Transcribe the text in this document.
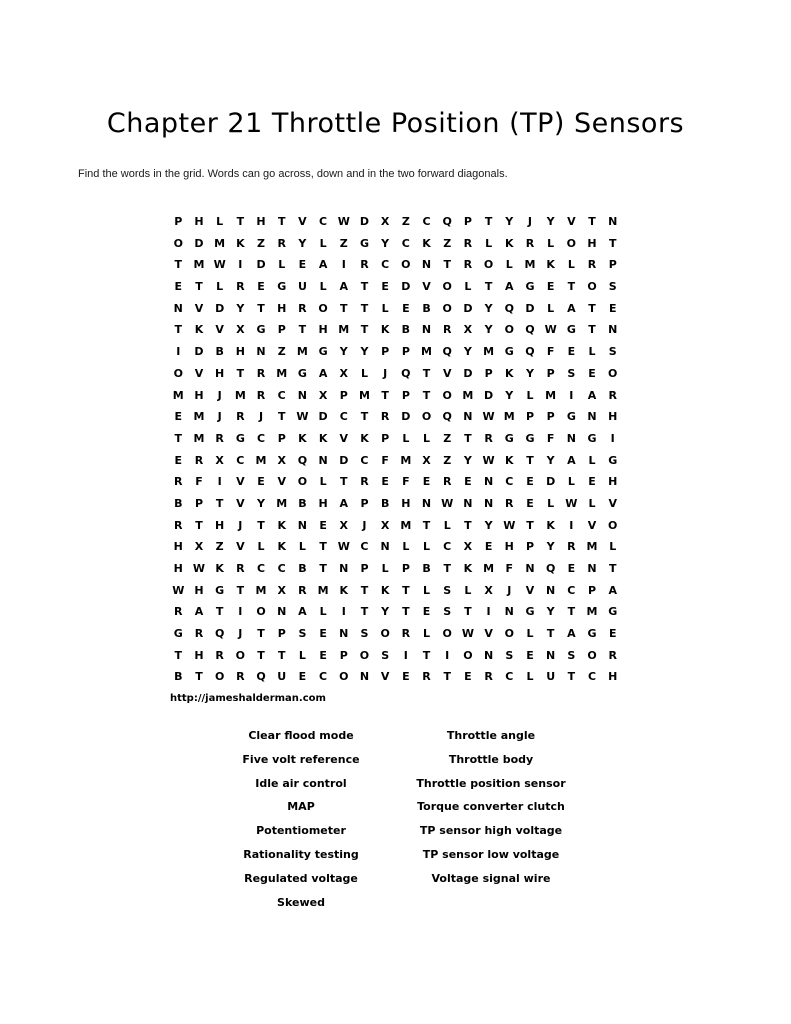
Chapter 21 Throttle Position (TP) Sensors
Find the words in the grid. Words can go across, down and in the two forward diagonals.
P	H	L	T	H	T	V	C W D	X	Z	C	Q	P	T	Y	J	Y	V	T	N
O	D M K	Z	R	Y	L	Z	G	Y	C	K	Z	R	L	K	R	L	O	H	T
T	M W	I	D	L	E	A	I	R	C	O	N	T	R	O	L	M K	L	R	P
E	T	L	R	E	G	U	L	A	T	E	D	V	O	L	T	A	G	E	T	O	S
N	V	D	Y	T	H	R	O	T	T	L	E	B	O	D	Y	Q	D	L	A	T	E
T	K	V	X	G	P	T	H M	T	K	B	N	R	X	Y	O	Q W G	T	N
I	D	B	H	N	Z	M G	Y	Y	P	P	M Q	Y	M G	Q	F	E	L	S
O	V	H	T	R M G	A	X	L	J	Q	T	V	D	P	K	Y	P	S	E	O
M H	J	M R	C	N	X	P	M	T	P	T	O M D	Y	L	M	I	A	R
E	M	J	R	J	T W D	C	T	R	D	O	Q	N W M	P	P	G	N	H
T	M R	G	C	P	K	K	V	K	P	L	L	Z	T	R	G	G	F	N	G	I
E	R	X	C	M X	Q	N	D	C	F	M X	Z	Y W K	T	Y	A	L	G
R	F	I	V	E	V	O	L	T	R	E	F	E	R	E	N	C	E	D	L	E	H
B	P	T	V	Y	M	B	H	A	P	B	H	N W N	N	R	E	L	W	L	V
R	T	H	J	T	K	N	E	X	J	X M	T	L	T	Y W T	K	I	V	O
H	X	Z	V	L	K	L	T W C	N	L	L	C	X	E	H	P	Y	R M	L
H W K	R	C	C	B	T	N	P	L	P	B	T	K M	F	N	Q	E	N	T
W H	G	T	M X	R M K	T	K	T	L	S	L	X	J	V	N	C	P	A
R	A	T	I	O	N	A	L	I	T	Y	T	E	S	T	I	N	G	Y	T	M G
G	R	Q	J	T	P	S	E	N	S	O	R	L	O W V	O	L	T	A	G	E
T	H	R	O	T	T	L	E	P	O	S	I	T	I	O	N	S	E	N	S	O	R
B	T	O	R	Q	U	E	C	O	N	V	E	R	T	E	R	C	L	U	T	C	H
http://jameshalderman.com
Clear flood mode
Five volt reference
Idle air control
MAP
Potentiometer
Rationality testing
Regulated voltage
Skewed
Throttle angle
Throttle body
Throttle position sensor
Torque converter clutch
TP sensor high voltage
TP sensor low voltage
Voltage signal wire
